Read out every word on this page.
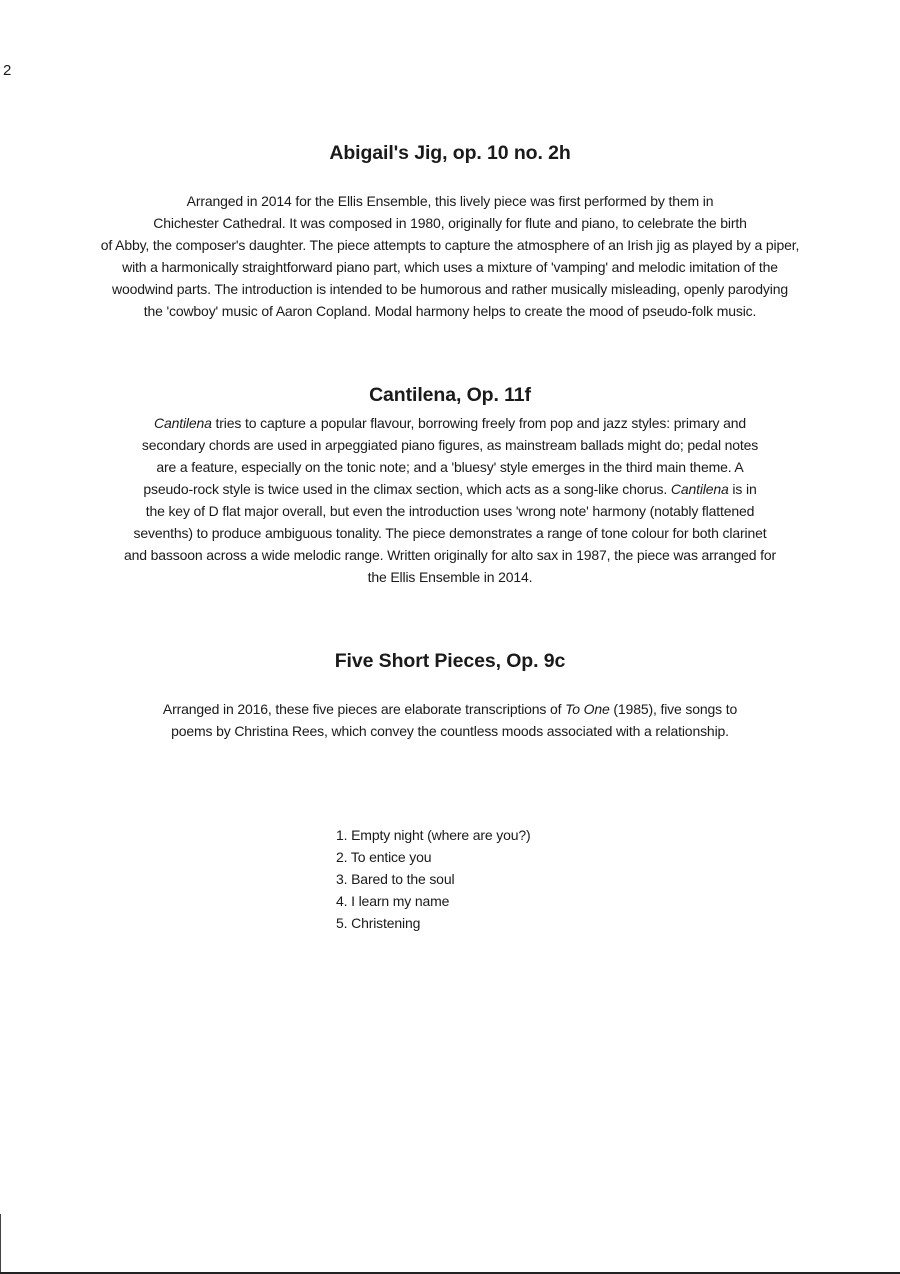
2
Abigail's Jig, op. 10 no. 2h

Arranged in 2014 for the Ellis Ensemble, this lively piece was first performed by them in
Chichester Cathedral. It was composed in 1980, originally for flute and piano, to celebrate the birth
of Abby, the composer's daughter. The piece attempts to capture the atmosphere of an Irish jig as played by a piper,
with a harmonically straightforward piano part, which uses a mixture of 'vamping' and melodic imitation of the
woodwind parts. The introduction is intended to be humorous and rather musically misleading, openly parodying
the 'cowboy' music of Aaron Copland. Modal harmony helps to create the mood of pseudo-folk music.

Cantilena, Op. 11f

Cantilena tries to capture a popular flavour, borrowing freely from pop and jazz styles: primary and
secondary chords are used in arpeggiated piano figures, as mainstream ballads might do; pedal notes
are a feature, especially on the tonic note; and a 'bluesy' style emerges in the third main theme. A
pseudo-rock style is twice used in the climax section, which acts as a song-like chorus. Cantilena is in
the key of D flat major overall, but even the introduction uses 'wrong note' harmony (notably flattened
sevenths) to produce ambiguous tonality. The piece demonstrates a range of tone colour for both clarinet
and bassoon across a wide melodic range. Written originally for alto sax in 1987, the piece was arranged for
the Ellis Ensemble in 2014.

Five Short Pieces, Op. 9c

Arranged in 2016, these five pieces are elaborate transcriptions of To One (1985), five songs to
poems by Christina Rees, which convey the countless moods associated with a relationship.

1. Empty night (where are you?)
2. To entice you
3. Bared to the soul
4. I learn my name
5. Christening
